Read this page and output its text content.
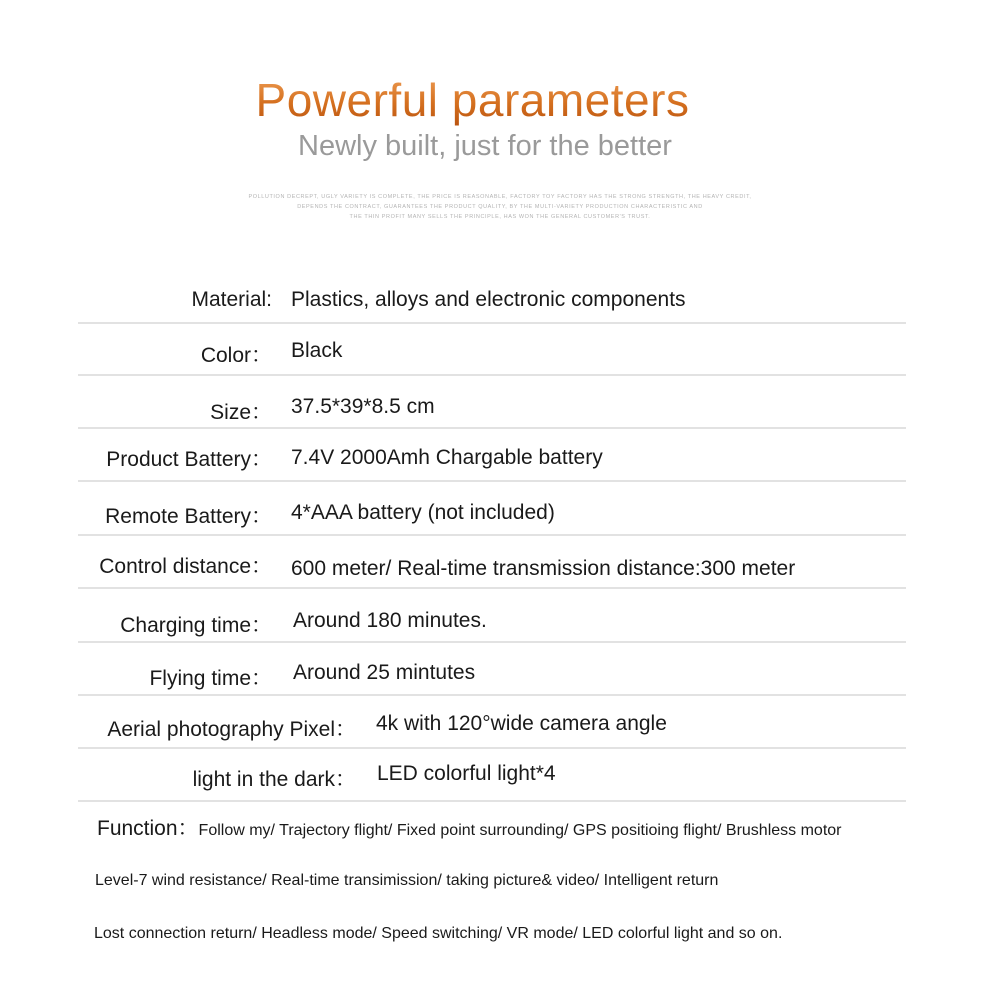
Powerful parameters
Newly built, just for the better
POLLUTION DECREPT, UGLY VARIETY IS COMPLETE, THE PRICE IS REASONABLE, FACTORY TOY FACTORY HAS THE STRONG STRENGTH, THE HEAVY CREDIT,
DEPENDS THE CONTRACT, GUARANTEES THE PRODUCT QUALITY, BY THE MULTI-VARIETY PRODUCTION CHARACTERISTIC AND
THE THIN PROFIT MANY SELLS THE PRINCIPLE, HAS WON THE GENERAL CUSTOMER'S TRUST.
Material: Plastics, alloys and electronic components
Color： Black
Size： 37.5*39*8.5 cm
Product Battery： 7.4V 2000Amh Chargable battery
Remote Battery： 4*AAA battery (not included)
Control distance： 600 meter/ Real-time transmission distance:300 meter
Charging time： Around 180 minutes.
Flying time： Around 25 mintutes
Aerial photography Pixel： 4k with 120°wide camera angle
light in the dark： LED colorful light*4
Function：Follow my/ Trajectory flight/ Fixed point surrounding/ GPS positioing flight/ Brushless motor
Level-7 wind resistance/ Real-time transimission/ taking picture& video/ Intelligent return
Lost connection return/ Headless mode/ Speed switching/ VR mode/ LED colorful light and so on.
